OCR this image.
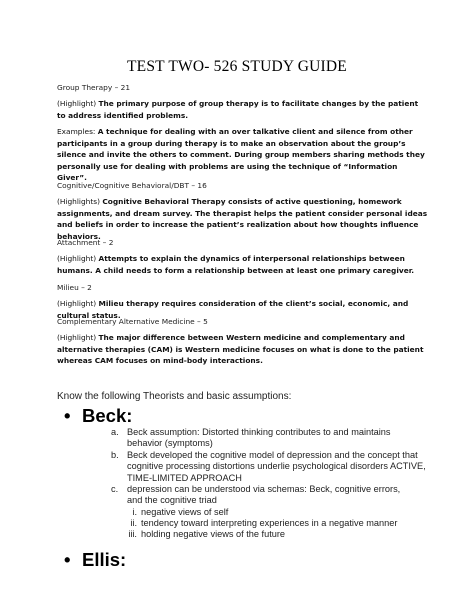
TEST TWO- 526 STUDY GUIDE
Group Therapy – 21
(Highlight) The primary purpose of group therapy is to facilitate changes by the patient to address identified problems.
Examples: A technique for dealing with an over talkative client and silence from other participants in a group during therapy is to make an observation about the group’s silence and invite the others to comment. During group members sharing methods they personally use for dealing with problems are using the technique of “Information Giver”.
Cognitive/Cognitive Behavioral/DBT – 16
(Highlights) Cognitive Behavioral Therapy consists of active questioning, homework assignments, and dream survey. The therapist helps the patient consider personal ideas and beliefs in order to increase the patient’s realization about how thoughts influence behaviors.
Attachment – 2
(Highlight) Attempts to explain the dynamics of interpersonal relationships between humans. A child needs to form a relationship between at least one primary caregiver.
Milieu – 2
(Highlight) Milieu therapy requires consideration of the client’s social, economic, and cultural status.
Complementary Alternative Medicine – 5
(Highlight) The major difference between Western medicine and complementary and alternative therapies (CAM) is Western medicine focuses on what is done to the patient whereas CAM focuses on mind-body interactions.
Know the following Theorists and basic assumptions:
• Beck:
a. Beck assumption: Distorted thinking contributes to and maintains behavior (symptoms)
b. Beck developed the cognitive model of depression and the concept that cognitive processing distortions underlie psychological disorders ACTIVE, TIME-LIMITED APPROACH
c. depression can be understood via schemas: Beck, cognitive errors, and the cognitive triad
i. negative views of self
ii. tendency toward interpreting experiences in a negative manner
iii. holding negative views of the future
• Ellis:
